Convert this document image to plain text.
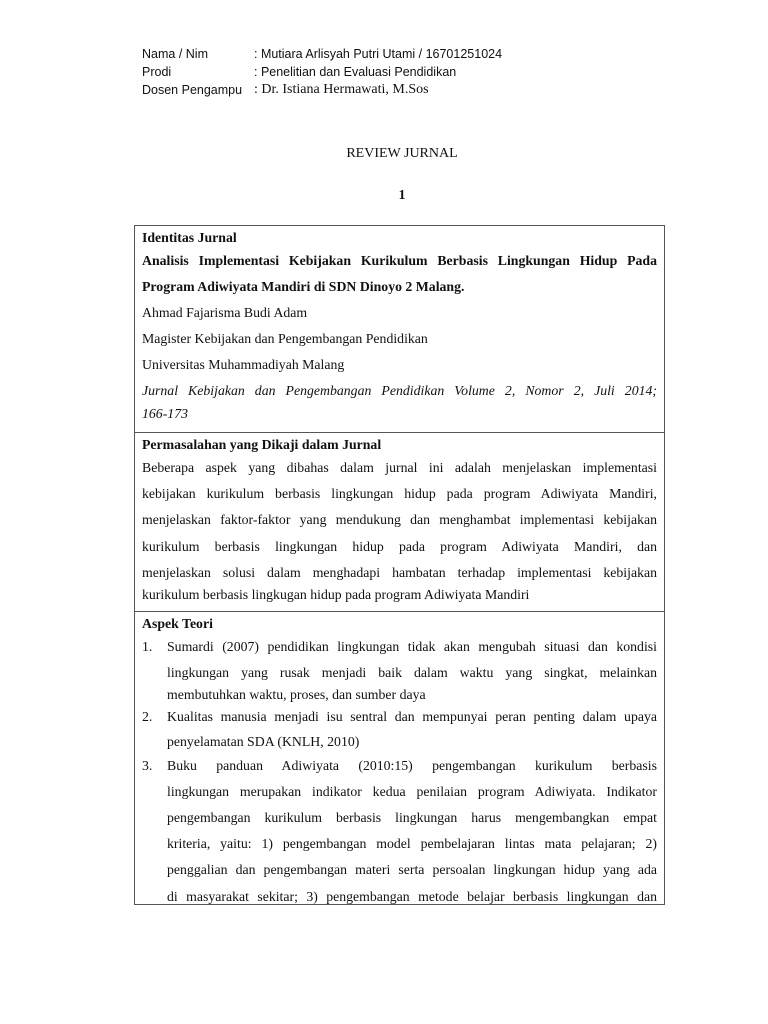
Nama / Nim	: Mutiara Arlisyah Putri Utami / 16701251024
Prodi	: Penelitian dan Evaluasi Pendidikan
Dosen Pengampu : Dr. Istiana Hermawati, M.Sos
REVIEW JURNAL
1
Identitas Jurnal
Analisis Implementasi Kebijakan Kurikulum Berbasis Lingkungan Hidup Pada
Program Adiwiyata Mandiri di SDN Dinoyo 2 Malang.
Ahmad Fajarisma Budi Adam
Magister Kebijakan dan Pengembangan Pendidikan
Universitas Muhammadiyah Malang
Jurnal Kebijakan dan Pengembangan Pendidikan Volume 2, Nomor 2, Juli 2014;
166-173
Permasalahan yang Dikaji dalam Jurnal
Beberapa aspek yang dibahas dalam jurnal ini adalah menjelaskan implementasi
kebijakan kurikulum berbasis lingkungan hidup pada program Adiwiyata Mandiri,
menjelaskan faktor-faktor yang mendukung dan menghambat implementasi kebijakan
kurikulum berbasis lingkungan hidup pada program Adiwiyata Mandiri, dan
menjelaskan solusi dalam menghadapi hambatan terhadap implementasi kebijakan
kurikulum berbasis lingkugan hidup pada program Adiwiyata Mandiri
Aspek Teori
1.	Sumardi (2007) pendidikan lingkungan tidak akan mengubah situasi dan kondisi
lingkungan yang rusak menjadi baik dalam waktu yang singkat, melainkan
membutuhkan waktu, proses, dan sumber daya
2.	Kualitas manusia menjadi isu sentral dan mempunyai peran penting dalam upaya
penyelamatan SDA (KNLH, 2010)
3.	Buku panduan Adiwiyata (2010:15) pengembangan kurikulum berbasis
lingkungan merupakan indikator kedua penilaian program Adiwiyata. Indikator
pengembangan kurikulum berbasis lingkungan harus mengembangkan empat
kriteria, yaitu: 1) pengembangan model pembelajaran lintas mata pelajaran; 2)
penggalian dan pengembangan materi serta persoalan lingkungan hidup yang ada
di masyarakat sekitar; 3) pengembangan metode belajar berbasis lingkungan dan
